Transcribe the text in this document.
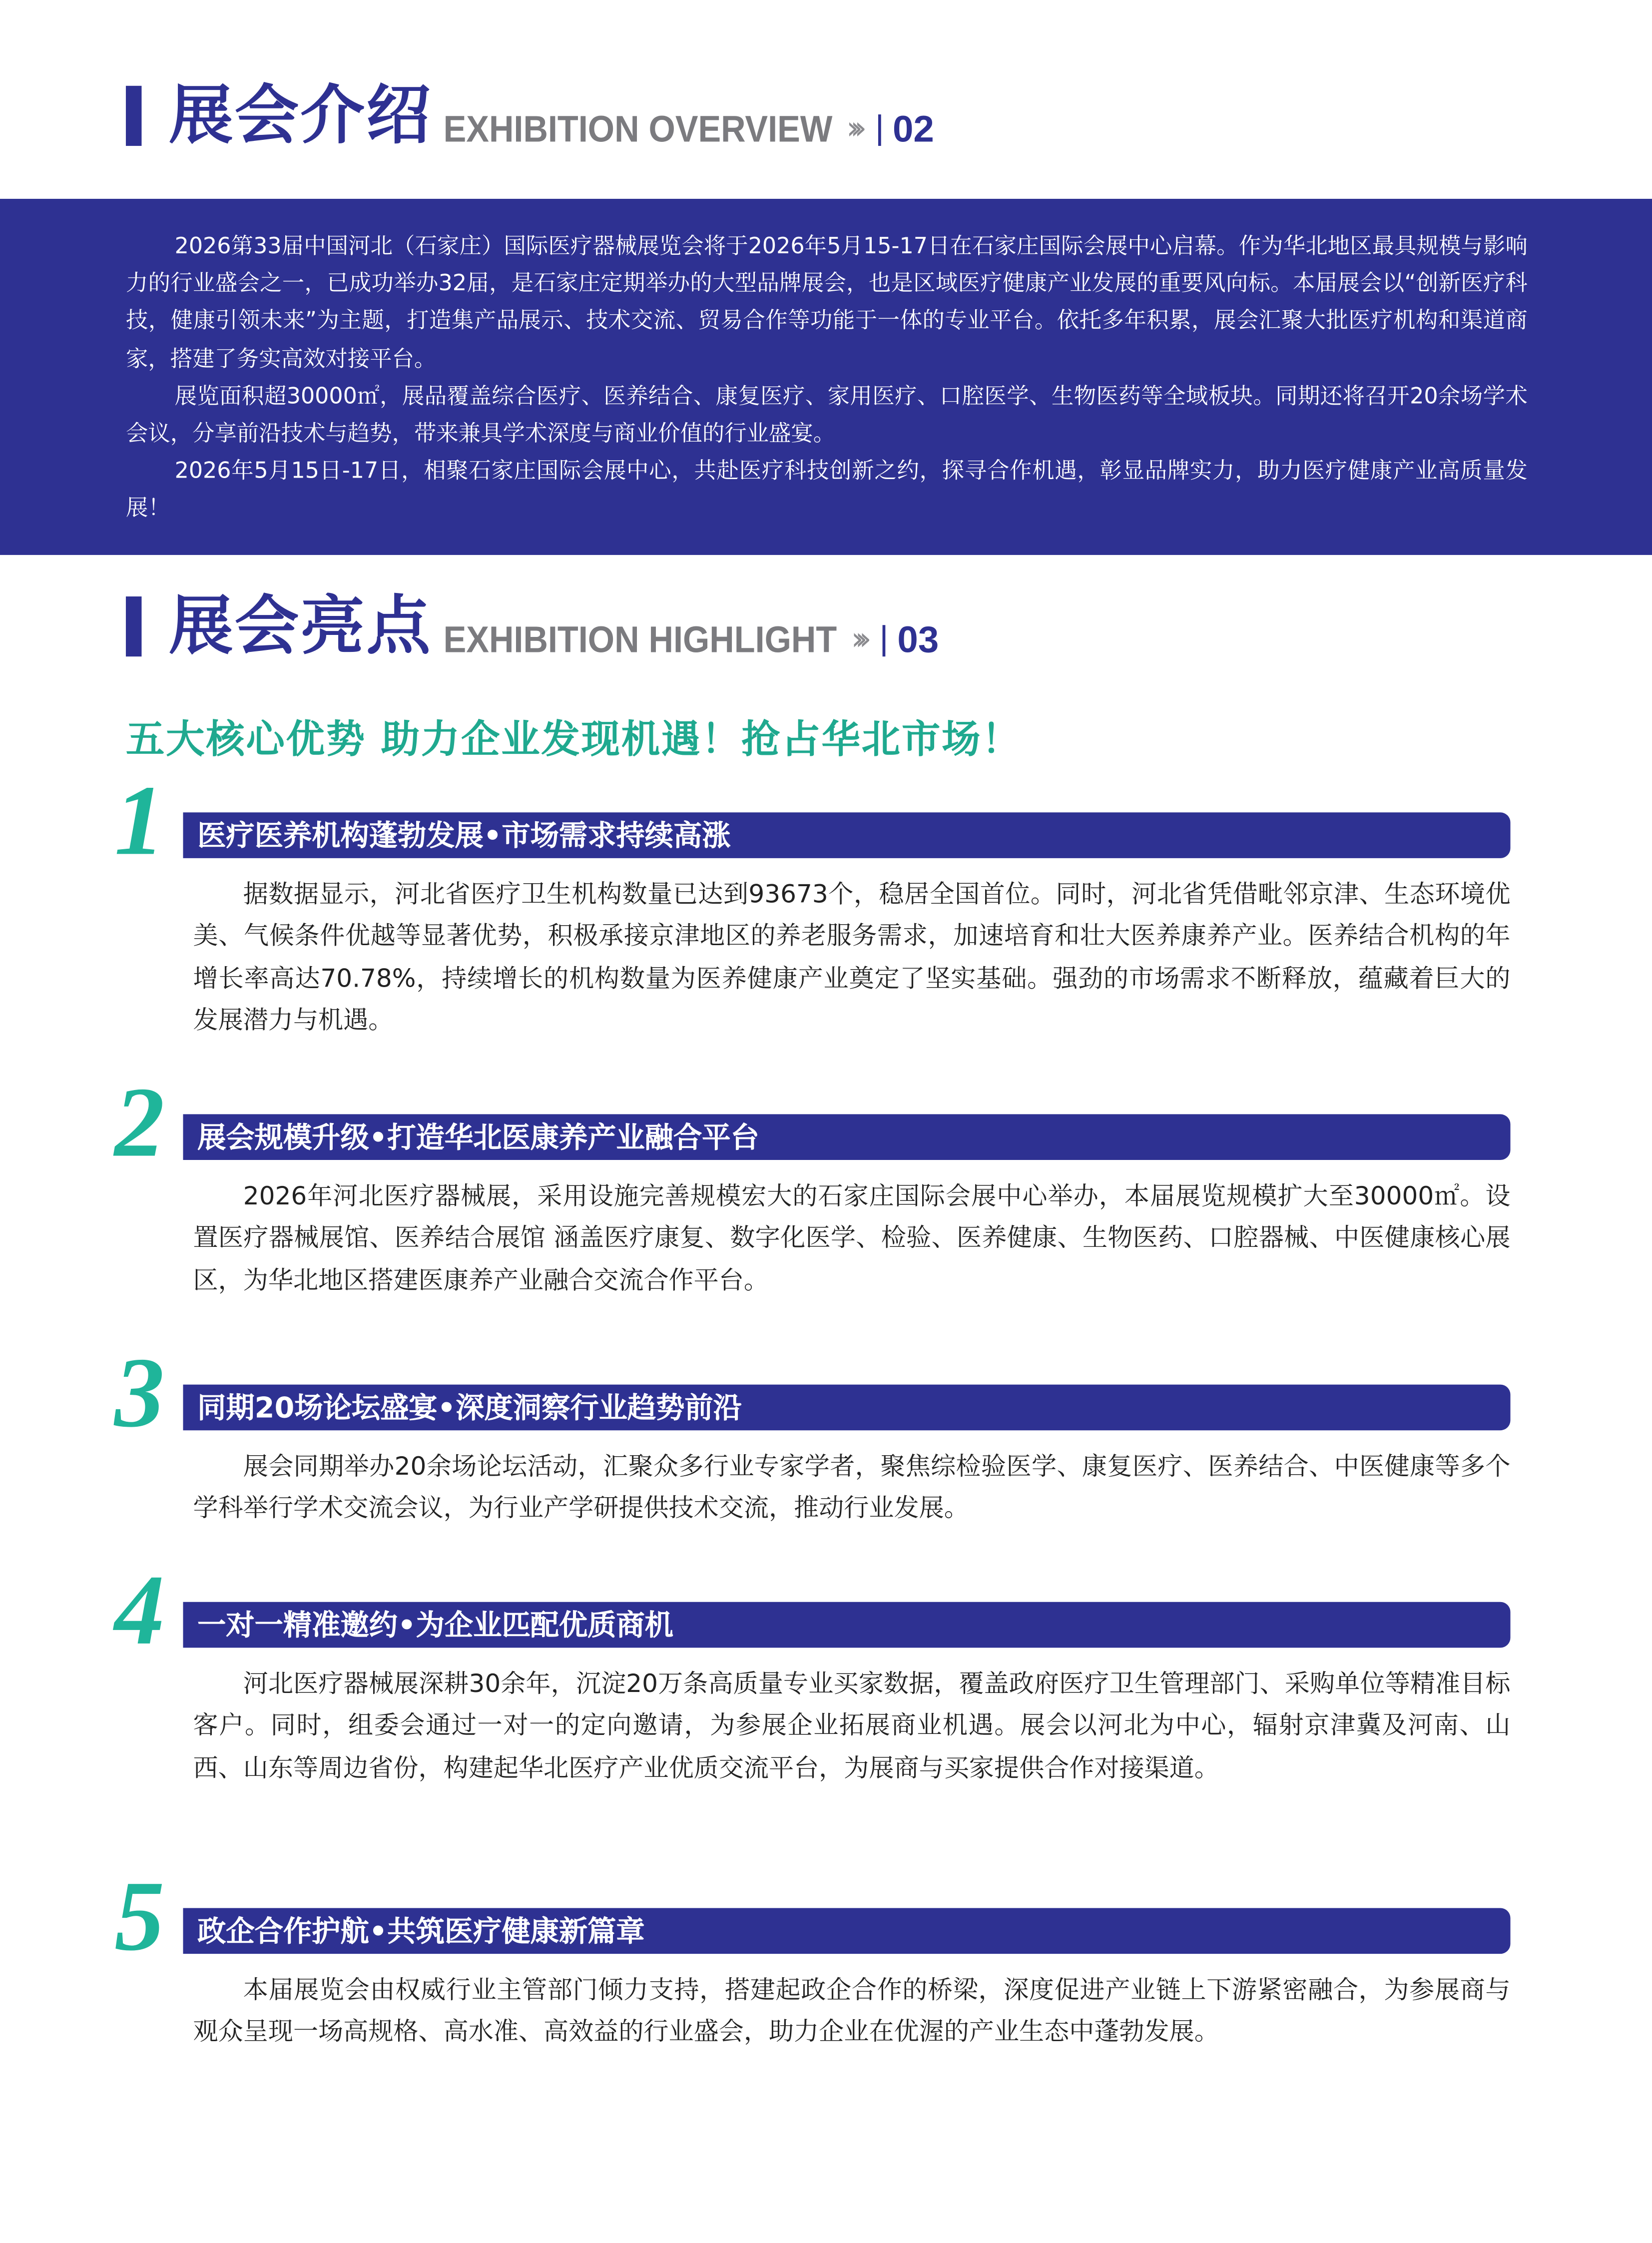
展会介绍 EXHIBITION OVERVIEW ›››	02

2026第33届中国河北（石家庄）国际医疗器械展览会将于2026年5月15-17日在石家庄国际会展中心启幕。作为华北地区最具规模与影响力的行业盛会之一，已成功举办32届，是石家庄定期举办的大型品牌展会，也是区域医疗健康产业发展的重要风向标。本届展会以“创新医疗科技，健康引领未来”为主题，打造集产品展示、技术交流、贸易合作等功能于一体的专业平台。依托多年积累，展会汇聚大批医疗机构和渠道商家，搭建了务实高效对接平台。

展览面积超30000㎡，展品覆盖综合医疗、医养结合、康复医疗、家用医疗、口腔医学、生物医药等全域板块。同期还将召开20余场学术会议，分享前沿技术与趋势，带来兼具学术深度与商业价值的行业盛宴。

2026年5月15日-17日，相聚石家庄国际会展中心，共赴医疗科技创新之约，探寻合作机遇，彰显品牌实力，助力医疗健康产业高质量发展！

展会亮点 EXHIBITION HIGHLIGHT ›››	03
五大核心优势 助力企业发现机遇！抢占华北市场！
医疗医养机构蓬勃发展•市场需求持续高涨
1

据数据显示，河北省医疗卫生机构数量已达到93673个，稳居全国首位。同时，河北省凭借毗邻京津、生态环境优美、气候条件优越等显著优势，积极承接京津地区的养老服务需求，加速培育和壮大医养康养产业。医养结合机构的年增长率高达70.78%，持续增长的机构数量为医养健康产业奠定了坚实基础。强劲的市场需求不断释放，蕴藏着巨大的发展潜力与机遇。

展会规模升级•打造华北医康养产业融合平台
2

2026年河北医疗器械展，采用设施完善规模宏大的石家庄国际会展中心举办，本届展览规模扩大至30000㎡。设置医疗器械展馆、医养结合展馆 涵盖医疗康复、数字化医学、检验、医养健康、生物医药、口腔器械、中医健康核心展区，为华北地区搭建医康养产业融合交流合作平台。

同期20场论坛盛宴•深度洞察行业趋势前沿
3

展会同期举办20余场论坛活动，汇聚众多行业专家学者，聚焦综检验医学、康复医疗、医养结合、中医健康等多个学科举行学术交流会议，为行业产学研提供技术交流，推动行业发展。

一对一精准邀约•为企业匹配优质商机
4

河北医疗器械展深耕30余年，沉淀20万条高质量专业买家数据，覆盖政府医疗卫生管理部门、采购单位等精准目标客户。同时，组委会通过一对一的定向邀请，为参展企业拓展商业机遇。展会以河北为中心，辐射京津冀及河南、山西、山东等周边省份，构建起华北医疗产业优质交流平台，为展商与买家提供合作对接渠道。

政企合作护航•共筑医疗健康新篇章
5

本届展览会由权威行业主管部门倾力支持，搭建起政企合作的桥梁，深度促进产业链上下游紧密融合，为参展商与观众呈现一场高规格、高水准、高效益的行业盛会，助力企业在优渥的产业生态中蓬勃发展。
